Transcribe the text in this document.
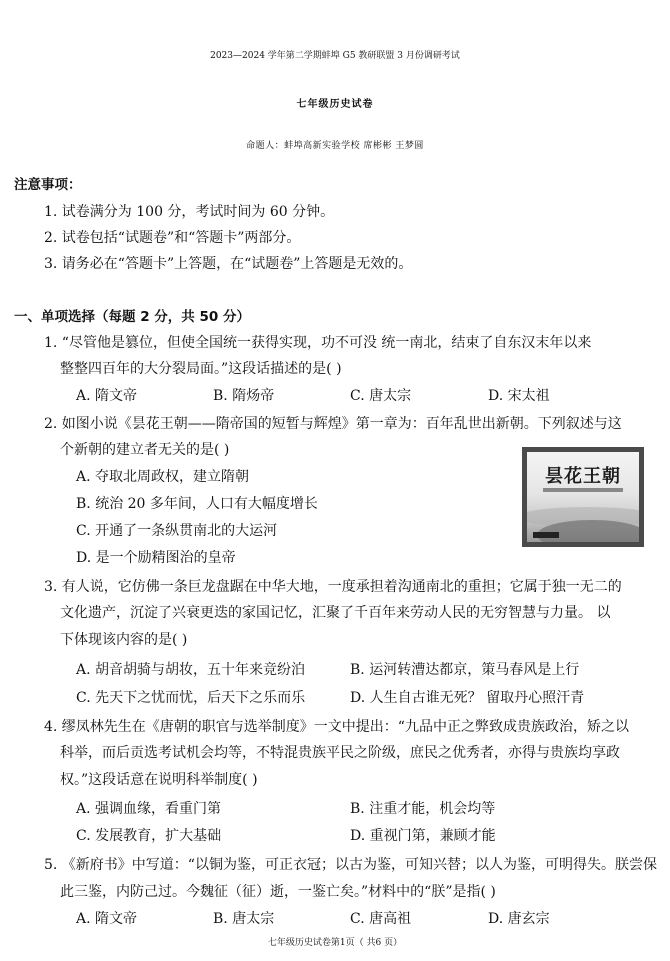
2023—2024 学年第二学期蚌埠 G5 教研联盟 3 月份调研考试
七年级历史试卷
命题人：蚌埠高新实验学校 席彬彬 王梦圆
注意事项：
1. 试卷满分为 100 分，考试时间为 60 分钟。
2. 试卷包括“试题卷”和“答题卡”两部分。
3. 请务必在“答题卡”上答题，在“试题卷”上答题是无效的。
一、单项选择（每题 2 分，共 50 分）
1. “尽管他是篡位，但使全国统一获得实现，功不可没 统一南北，结束了自东汉末年以来
整整四百年的大分裂局面。”这段话描述的是( )
A. 隋文帝	B. 隋炀帝	C. 唐太宗	D. 宋太祖
2. 如图小说《昙花王朝——隋帝国的短暂与辉煌》第一章为：百年乱世出新朝。下列叙述与这
个新朝的建立者无关的是( )
A. 夺取北周政权，建立隋朝
B. 统治 20 多年间，人口有大幅度增长
C. 开通了一条纵贯南北的大运河
D. 是一个励精图治的皇帝
昙花王朝
3. 有人说，它仿佛一条巨龙盘踞在中华大地，一度承担着沟通南北的重担；它属于独一无二的
文化遗产，沉淀了兴衰更迭的家国记忆，汇聚了千百年来劳动人民的无穷智慧与力量。 以
下体现该内容的是( )
A. 胡音胡骑与胡妆，五十年来竞纷泊	B. 运河转漕达都京，策马春风是上行
C. 先天下之忧而忧，后天下之乐而乐	D. 人生自古谁无死？ 留取丹心照汗青
4. 缪凤林先生在《唐朝的职官与选举制度》一文中提出：“九品中正之弊致成贵族政治，矫之以
科举，而后贡选考试机会均等，不特混贵族平民之阶级，庶民之优秀者，亦得与贵族均享政
权。”这段话意在说明科举制度( )
A. 强调血缘，看重门第	B. 注重才能，机会均等
C. 发展教育，扩大基础	D. 重视门第，兼顾才能
5. 《新府书》中写道：“以铜为鉴，可正衣冠；以古为鉴，可知兴替；以人为鉴，可明得失。朕尝保
此三鉴，内防己过。今魏征（征）逝，一鉴亡矣。”材料中的“朕”是指( )
A. 隋文帝	B. 唐太宗	C. 唐高祖	D. 唐玄宗
七年级历史试卷第1页（ 共6 页）
